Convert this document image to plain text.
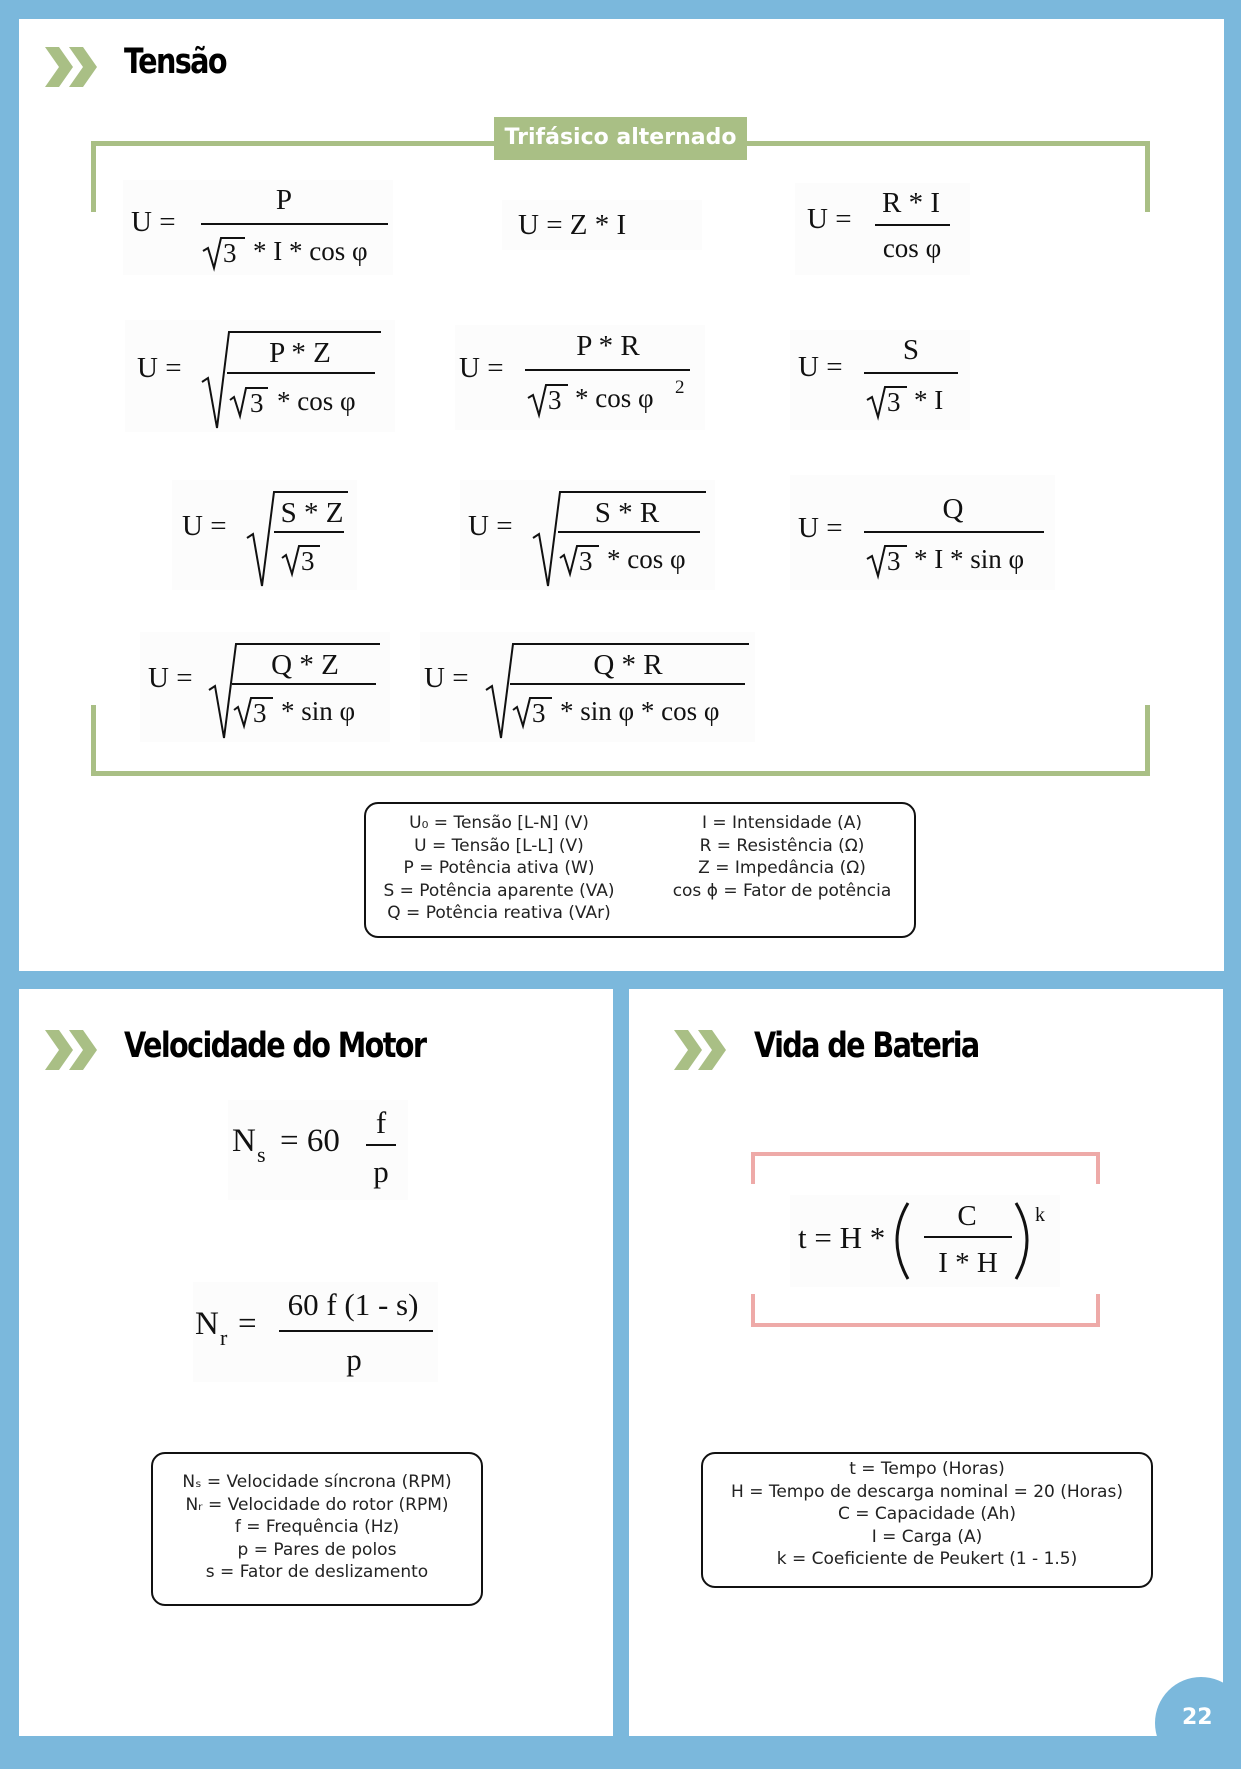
Tensão
Trifásico alternado
U =
P
3 * I * cos φ
U = Z * I	U = R * I
cos φ
U =	P * Z
3 * cos φ
U =
P * R
3 * cos φ 2
U =
S
3 * I
U = S * Z
3
U =	S * R
3 * cos φ
U =
Q
3 * I * sin φ
U =	Q * Z
3 * sin φ
U =	Q * R
3 * sin φ * cos φ
U₀ = Tensão [L-N] (V)
U = Tensão [L-L] (V)
P = Potência ativa (W)
S = Potência aparente (VA)
Q = Potência reativa (VAr)
I = Intensidade (A)
R = Resistência (Ω)
Z = Impedância (Ω)
cos ϕ = Fator de potência
Velocidade do Motor
N s = 60
f
p
N r =
60 f (1 - s)
p
Nₛ = Velocidade síncrona (RPM)
Nᵣ = Velocidade do rotor (RPM)
f = Frequência (Hz)
p = Pares de polos
s = Fator de deslizamento
Vida de Bateria
t = H *
C
I * H
k
t = Tempo (Horas)
H = Tempo de descarga nominal = 20 (Horas)
C = Capacidade (Ah)
I = Carga (A)
k = Coeficiente de Peukert (1 - 1.5)
22
